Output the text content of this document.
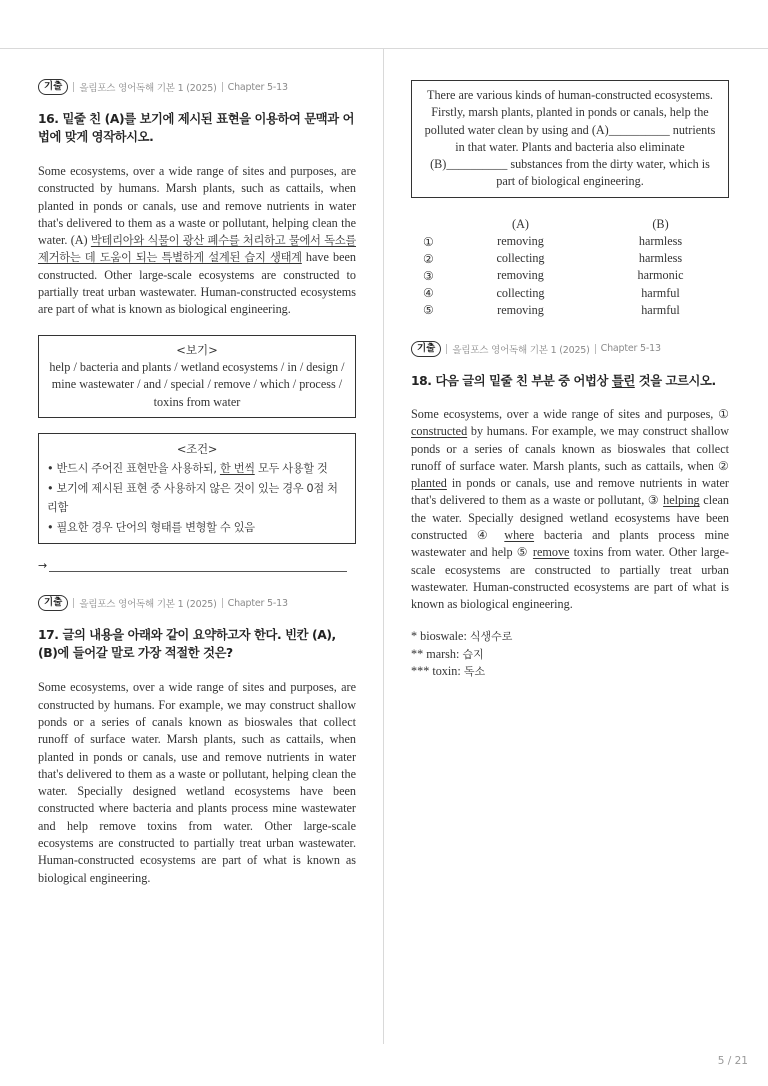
기출	올림포스 영어독해 기본 1 (2025) Chapter 5-13
16. 밑줄 친 (A)를 보기에 제시된 표현을 이용하여 문맥과 어법에 맞게 영작하시오.

Some ecosystems, over a wide range of sites and purposes, are constructed by humans. Marsh plants, such as cattails, when planted in ponds or canals, use and remove nutrients in water that's delivered to them as a waste or pollutant, helping clean the water. (A) 박테리아와 식물이 광산 폐수를 처리하고 물에서 독소를 제거하는 데 도움이 되는 특별하게 설계된 습지 생태계 have been constructed. Other large-scale ecosystems are constructed to partially treat urban wastewater. Human-constructed ecosystems are part of what is known as biological engineering.

<보기>
help / bacteria and plants / wetland ecosystems / in / design / mine wastewater / and / special / remove / which / process / toxins from water
<조건>
• 반드시 주어진 표현만을 사용하되, 한 번씩 모두 사용할 것
• 보기에 제시된 표현 중 사용하지 않은 것이 있는 경우 0점 처리함
• 필요한 경우 단어의 형태를 변형할 수 있음
→
기출	올림포스 영어독해 기본 1 (2025) Chapter 5-13
17. 글의 내용을 아래와 같이 요약하고자 한다. 빈칸 (A), (B)에 들어갈 말로 가장 적절한 것은?

Some ecosystems, over a wide range of sites and purposes, are constructed by humans. For example, we may construct shallow ponds or a series of canals known as bioswales that collect runoff of surface water. Marsh plants, such as cattails, when planted in ponds or canals, use and remove nutrients in water that's delivered to them as a waste or pollutant, helping clean the water. Specially designed wetland ecosystems have been constructed where bacteria and plants process mine wastewater and help remove toxins from water. Other large-scale ecosystems are constructed to partially treat urban wastewater. Human-constructed ecosystems are part of what is known as biological engineering.

There are various kinds of human-constructed ecosystems. Firstly, marsh plants, planted in ponds or canals, help the polluted water clean by using and (A)__________ nutrients in that water. Plants and bacteria also eliminate (B)__________ substances from the dirty water, which is part of biological engineering.
	(A)	(B)
①	removing	harmless
②	collecting	harmless
③	removing	harmonic
④	collecting	harmful
⑤	removing	harmful
기출	올림포스 영어독해 기본 1 (2025) Chapter 5-13
18. 다음 글의 밑줄 친 부분 중 어법상 틀린 것을 고르시오.

Some ecosystems, over a wide range of sites and purposes, ① constructed by humans. For example, we may construct shallow ponds or a series of canals known as bioswales that collect runoff of surface water. Marsh plants, such as cattails, when ② planted in ponds or canals, use and remove nutrients in water that's delivered to them as a waste or pollutant, ③ helping clean the water. Specially designed wetland ecosystems have been constructed ④ where bacteria and plants process mine wastewater and help ⑤ remove toxins from water. Other large-scale ecosystems are constructed to partially treat urban wastewater. Human-constructed ecosystems are part of what is known as biological engineering.

* bioswale: 식생수로
** marsh: 습지
*** toxin: 독소
5 / 21
